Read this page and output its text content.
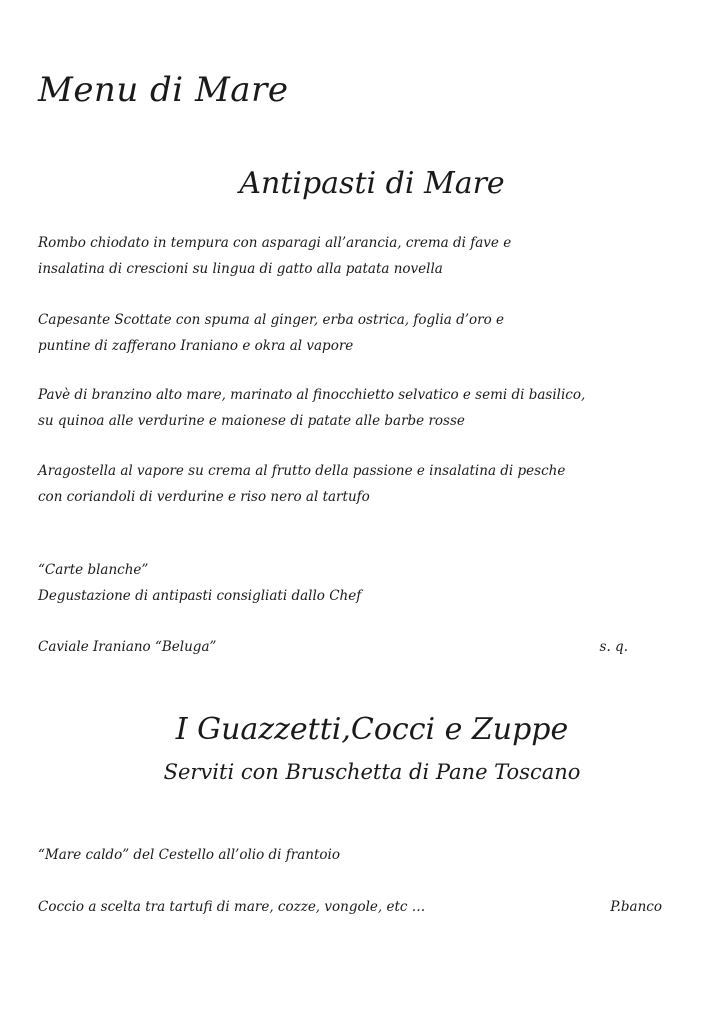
Menu di Mare
Antipasti di Mare
Rombo chiodato in tempura con asparagi all’arancia, crema di fave e
insalatina di crescioni su lingua di gatto alla patata novella
Capesante Scottate con spuma al ginger, erba ostrica, foglia d’oro e
puntine di zafferano Iraniano e okra al vapore
Pavè di branzino alto mare, marinato al finocchietto selvatico e semi di basilico,
su quinoa alle verdurine e maionese di patate alle barbe rosse
Aragostella al vapore su crema al frutto della passione e insalatina di pesche
con coriandoli di verdurine e riso nero al tartufo
“Carte blanche”
Degustazione di antipasti consigliati dallo Chef
Caviale Iraniano “Beluga”	s. q.
I Guazzetti,Cocci e Zuppe
Serviti con Bruschetta di Pane Toscano
“Mare caldo” del Cestello all’olio di frantoio
Coccio a scelta tra tartufi di mare, cozze, vongole, etc …	P.banco
